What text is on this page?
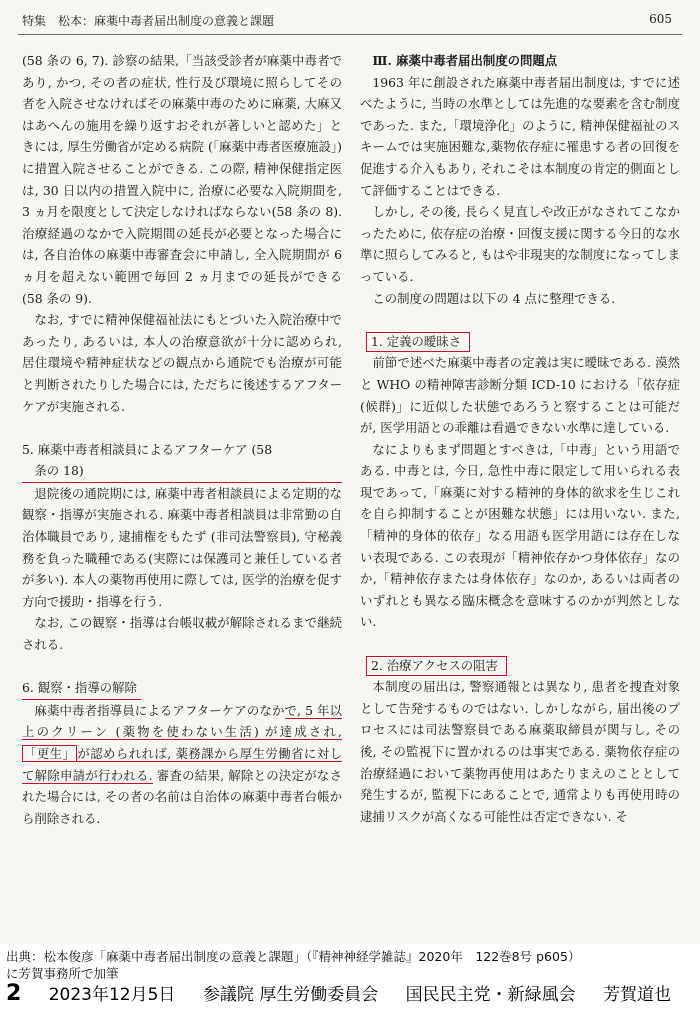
特集　松本：麻薬中毒者届出制度の意義と課題	605

(58 条の 6, 7). 診察の結果,「当該受診者が麻薬中毒者であり, かつ, その者の症状, 性行及び環境に照らしてその者を入院させなければその麻薬中毒のために麻薬, 大麻又はあへんの施用を繰り返すおそれが著しいと認めた」ときには, 厚生労働省が定める病院 (「麻薬中毒者医療施設」) に措置入院させることができる. この際, 精神保健指定医は, 30 日以内の措置入院中に, 治療に必要な入院期間を, 3 ヵ月を限度として決定しなければならない(58 条の 8). 治療経過のなかで入院期間の延長が必要となった場合には, 各自治体の麻薬中毒審査会に申請し, 全入院期間が 6 ヵ月を超えない範囲で毎回 2 ヵ月までの延長ができる (58 条の 9).

なお, すでに精神保健福祉法にもとづいた入院治療中であったり, あるいは, 本人の治療意欲が十分に認められ, 居住環境や精神症状などの観点から通院でも治療が可能と判断されたりした場合には, ただちに後述するアフターケアが実施される.

5. 麻薬中毒者相談員によるアフターケア (58
条の 18)

退院後の通院期には, 麻薬中毒者相談員による定期的な観察・指導が実施される. 麻薬中毒者相談員は非常勤の自治体職員であり, 逮捕権をもたず (非司法警察員), 守秘義務を負った職種である(実際には保護司と兼任している者が多い). 本人の薬物再使用に際しては, 医学的治療を促す方向で援助・指導を行う.

なお, この観察・指導は台帳収載が解除されるまで継続される.

6. 観察・指導の解除

麻薬中毒者指導員によるアフターケアのなかで, 5 年以上のクリーン (薬物を使わない生活) が達成され,「更生」 が認められれば, 薬務課から厚生労働省に対して解除申請が行われる. 審査の結果, 解除との決定がなされた場合には, その者の名前は自治体の麻薬中毒者台帳から削除される.

Ⅲ. 麻薬中毒者届出制度の問題点

1963 年に創設された麻薬中毒者届出制度は, すでに述べたように, 当時の水準としては先進的な要素を含む制度であった. また,「環境浄化」のように, 精神保健福祉のスキームでは実施困難な,薬物依存症に罹患する者の回復を促進する介入もあり, それこそは本制度の肯定的側面として評価することはできる.

しかし, その後, 長らく見直しや改正がなされてこなかったために, 依存症の治療・回復支援に関する今日的な水準に照らしてみると, もはや非現実的な制度になってしまっている.

この制度の問題は以下の 4 点に整理できる.

1. 定義の曖昧さ

前節で述べた麻薬中毒者の定義は実に曖昧である. 漠然と WHO の精神障害診断分類 ICD-10 における「依存症 (候群)」に近似した状態であろうと察することは可能だが, 医学用語との乖離は看過できない水準に達している.

なによりもまず問題とすべきは,「中毒」という用語である. 中毒とは, 今日, 急性中毒に限定して用いられる表現であって,「麻薬に対する精神的身体的欲求を生じこれを自ら抑制することが困難な状態」には用いない. また,「精神的身体的依存」なる用語も医学用語には存在しない表現である. この表現が「精神依存かつ身体依存」なのか,「精神依存または身体依存」なのか, あるいは両者のいずれとも異なる臨床概念を意味するのかが判然としない.

2. 治療アクセスの阻害

本制度の届出は, 警察通報とは異なり, 患者を捜査対象として告発するものではない. しかしながら, 届出後のプロセスには司法警察員である麻薬取締員が関与し, その後, その監視下に置かれるのは事実である. 薬物依存症の治療経過において薬物再使用はあたりまえのこととして発生するが, 監視下にあることで, 通常よりも再使用時の逮捕リスクが高くなる可能性は否定できない. そ

出典：松本俊彦「麻薬中毒者届出制度の意義と課題」（『精神神経学雑誌』2020年　122巻8号 p605）
に芳賀事務所で加筆
2 2023年12月5日 参議院 厚生労働委員会 国民民主党・新緑風会 芳賀道也
